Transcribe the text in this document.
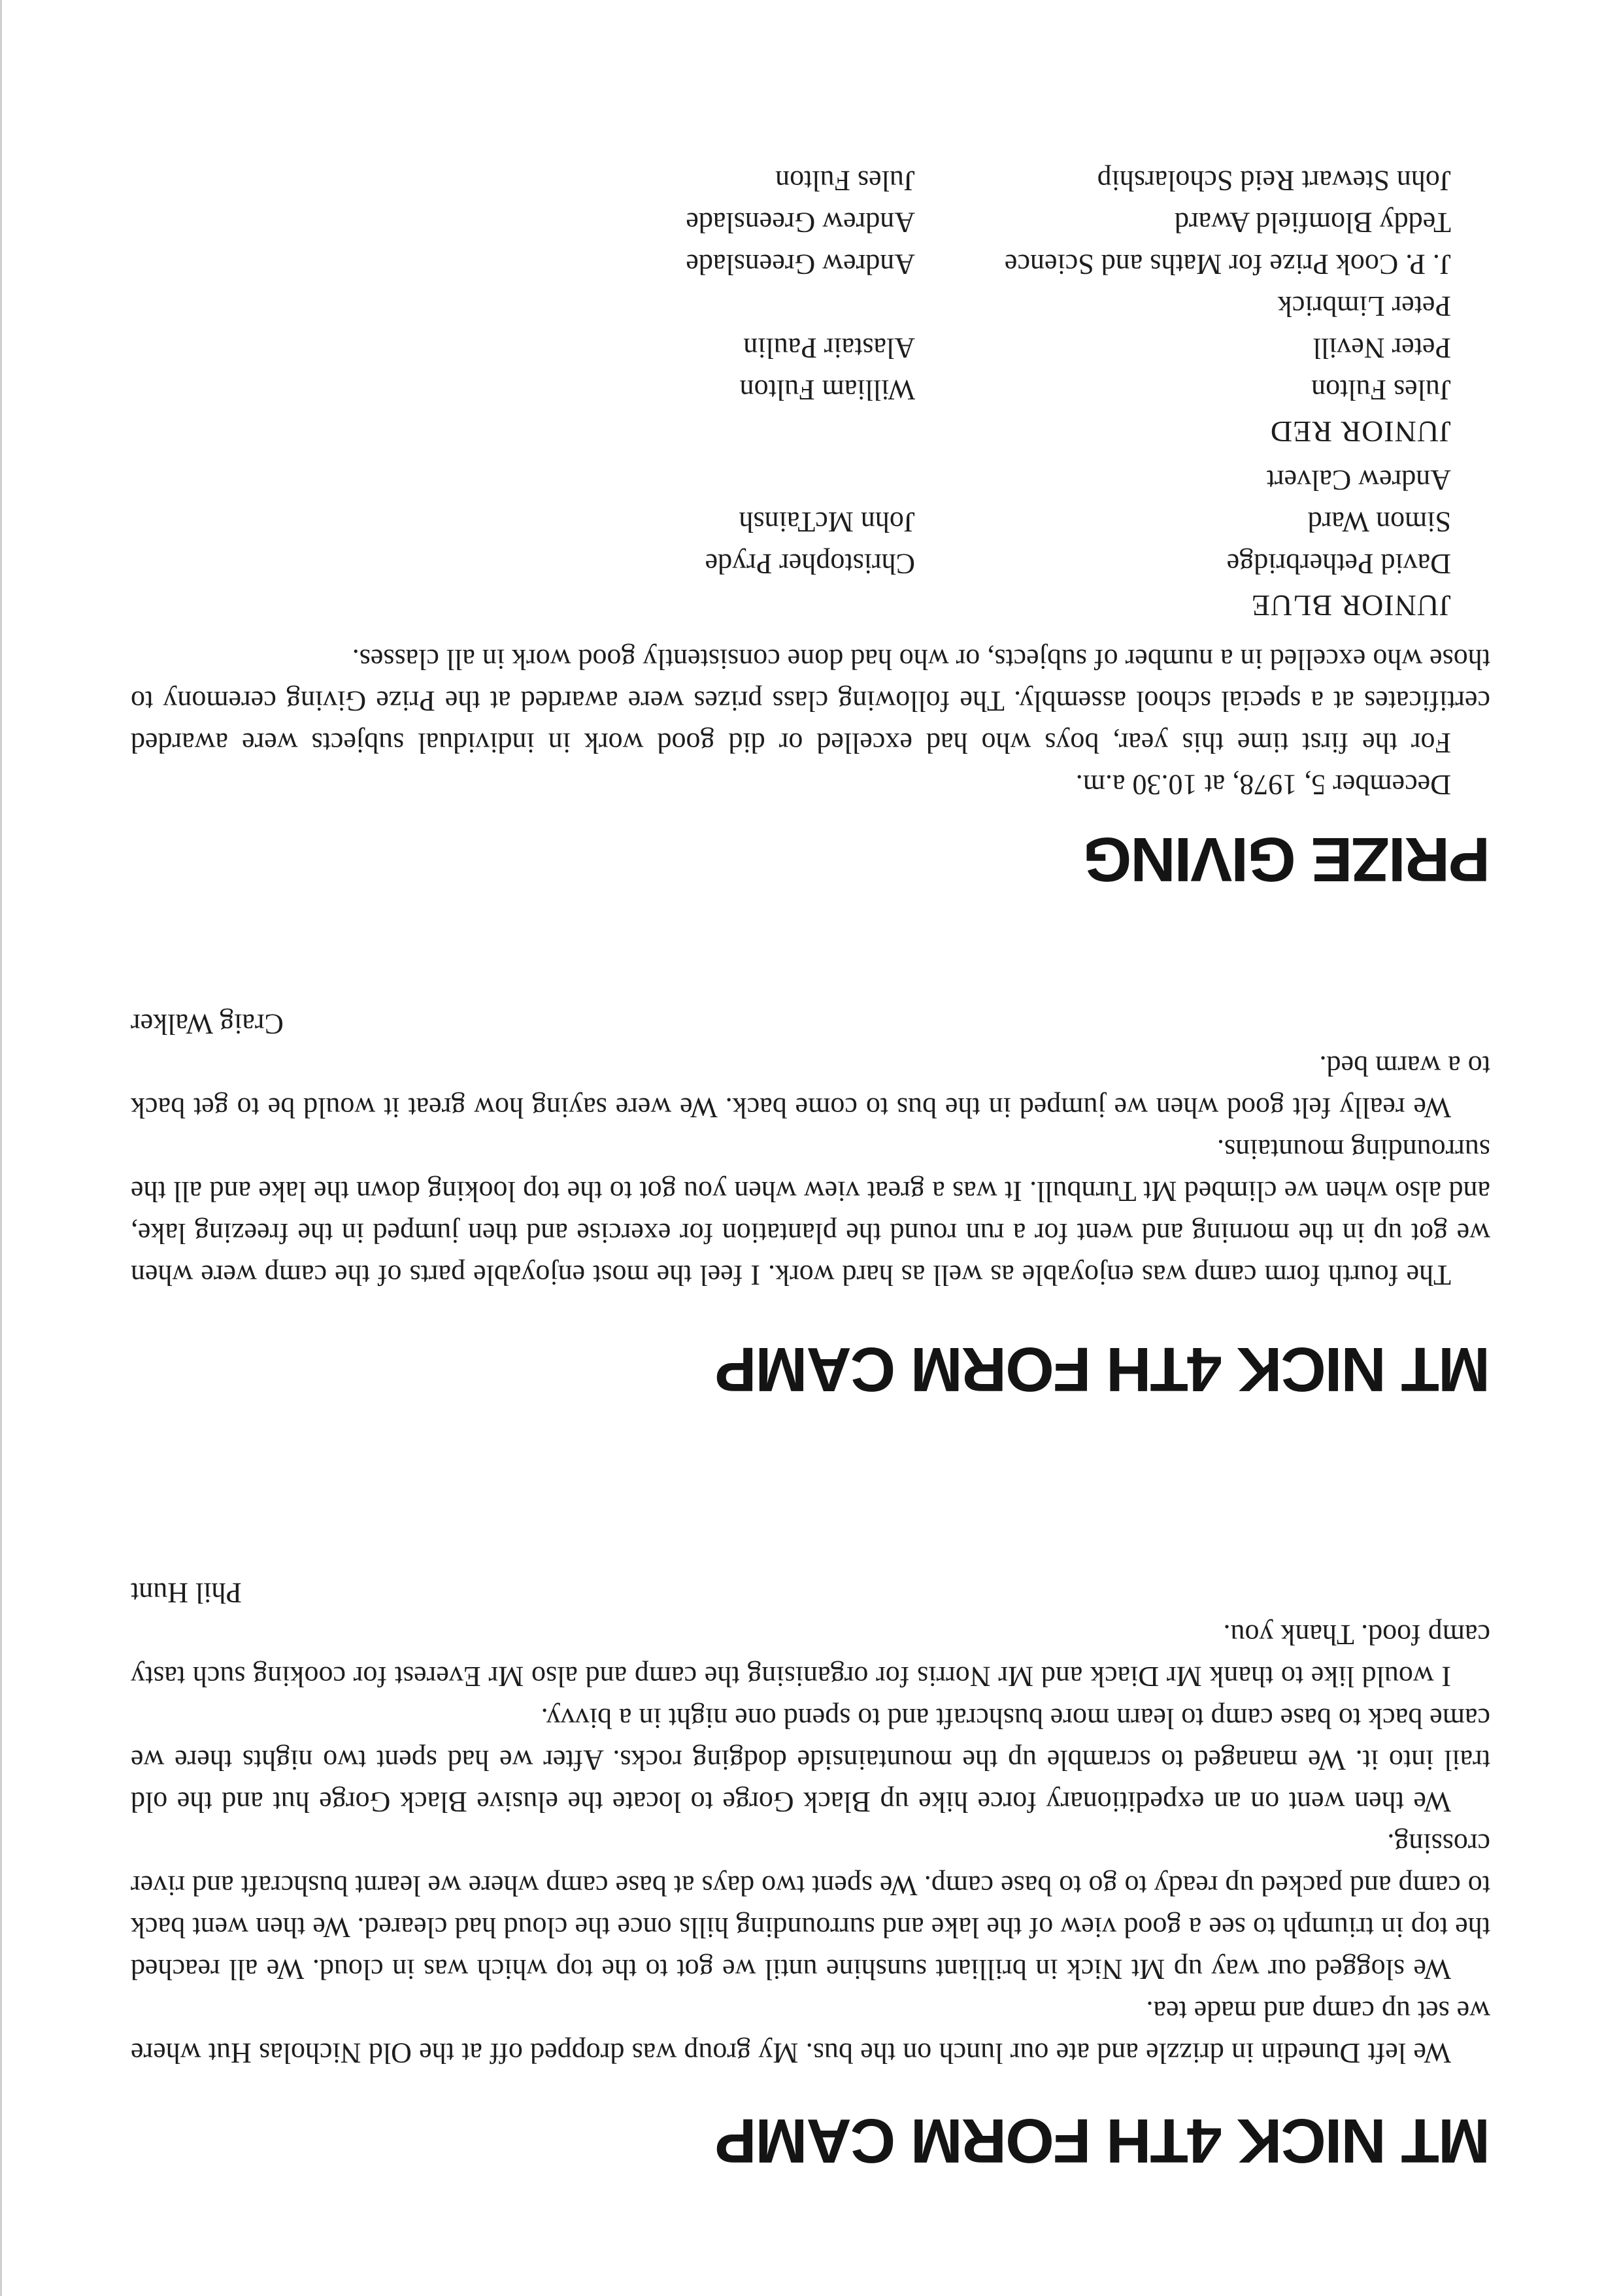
MT NICK 4TH FORM CAMP

We left Dunedin in drizzle and ate our lunch on the bus. My group was dropped off at the Old Nicholas Hut where we set up camp and made tea.

We slogged our way up Mt Nick in brilliant sunshine until we got to the top which was in cloud. We all reached the top in triumph to see a good view of the lake and surrounding hills once the cloud had cleared. We then went back to camp and packed up ready to go to base camp. We spent two days at base camp where we learnt bushcraft and river crossing.

We then went on an expeditionary force hike up Black Gorge to locate the elusive Black Gorge hut and the old trail into it. We managed to scramble up the mountainside dodging rocks. After we had spent two nights there we came back to base camp to learn more bushcraft and to spend one night in a bivvy.

I would like to thank Mr Diack and Mr Norris for organising the camp and also Mr Everest for cooking such tasty camp food. Thank you.

Phil Hunt

MT NICK 4TH FORM CAMP

The fourth form camp was enjoyable as well as hard work. I feel the most enjoyable parts of the camp were when we got up in the morning and went for a run round the plantation for exercise and then jumped in the freezing lake, and also when we climbed Mt Turnbull. It was a great view when you got to the top looking down the lake and all the surrounding mountains.

We really felt good when we jumped in the bus to come back. We were saying how great it would be to get back to a warm bed.

Craig Walker

PRIZE GIVING

December 5, 1978, at 10.30 a.m.

For the first time this year, boys who had excelled or did good work in individual subjects were awarded certificates at a special school assembly. The following class prizes were awarded at the Prize Giving ceremony to those who excelled in a number of subjects, or who had done consistently good work in all classes.

JUNIOR BLUE

David Petherbridge
Simon Ward
Andrew Calvert
Christopher Pryde
John McTainsh

JUNIOR RED

Jules Fulton
Peter Nevill
Peter Limbrick
J. P. Cook Prize for Maths and Science
Teddy Blomfield Award
John Stewart Reid Scholarship
William Fulton
Alastair Paulin

Andrew Greenslade
Andrew Greenslade
Jules Fulton
